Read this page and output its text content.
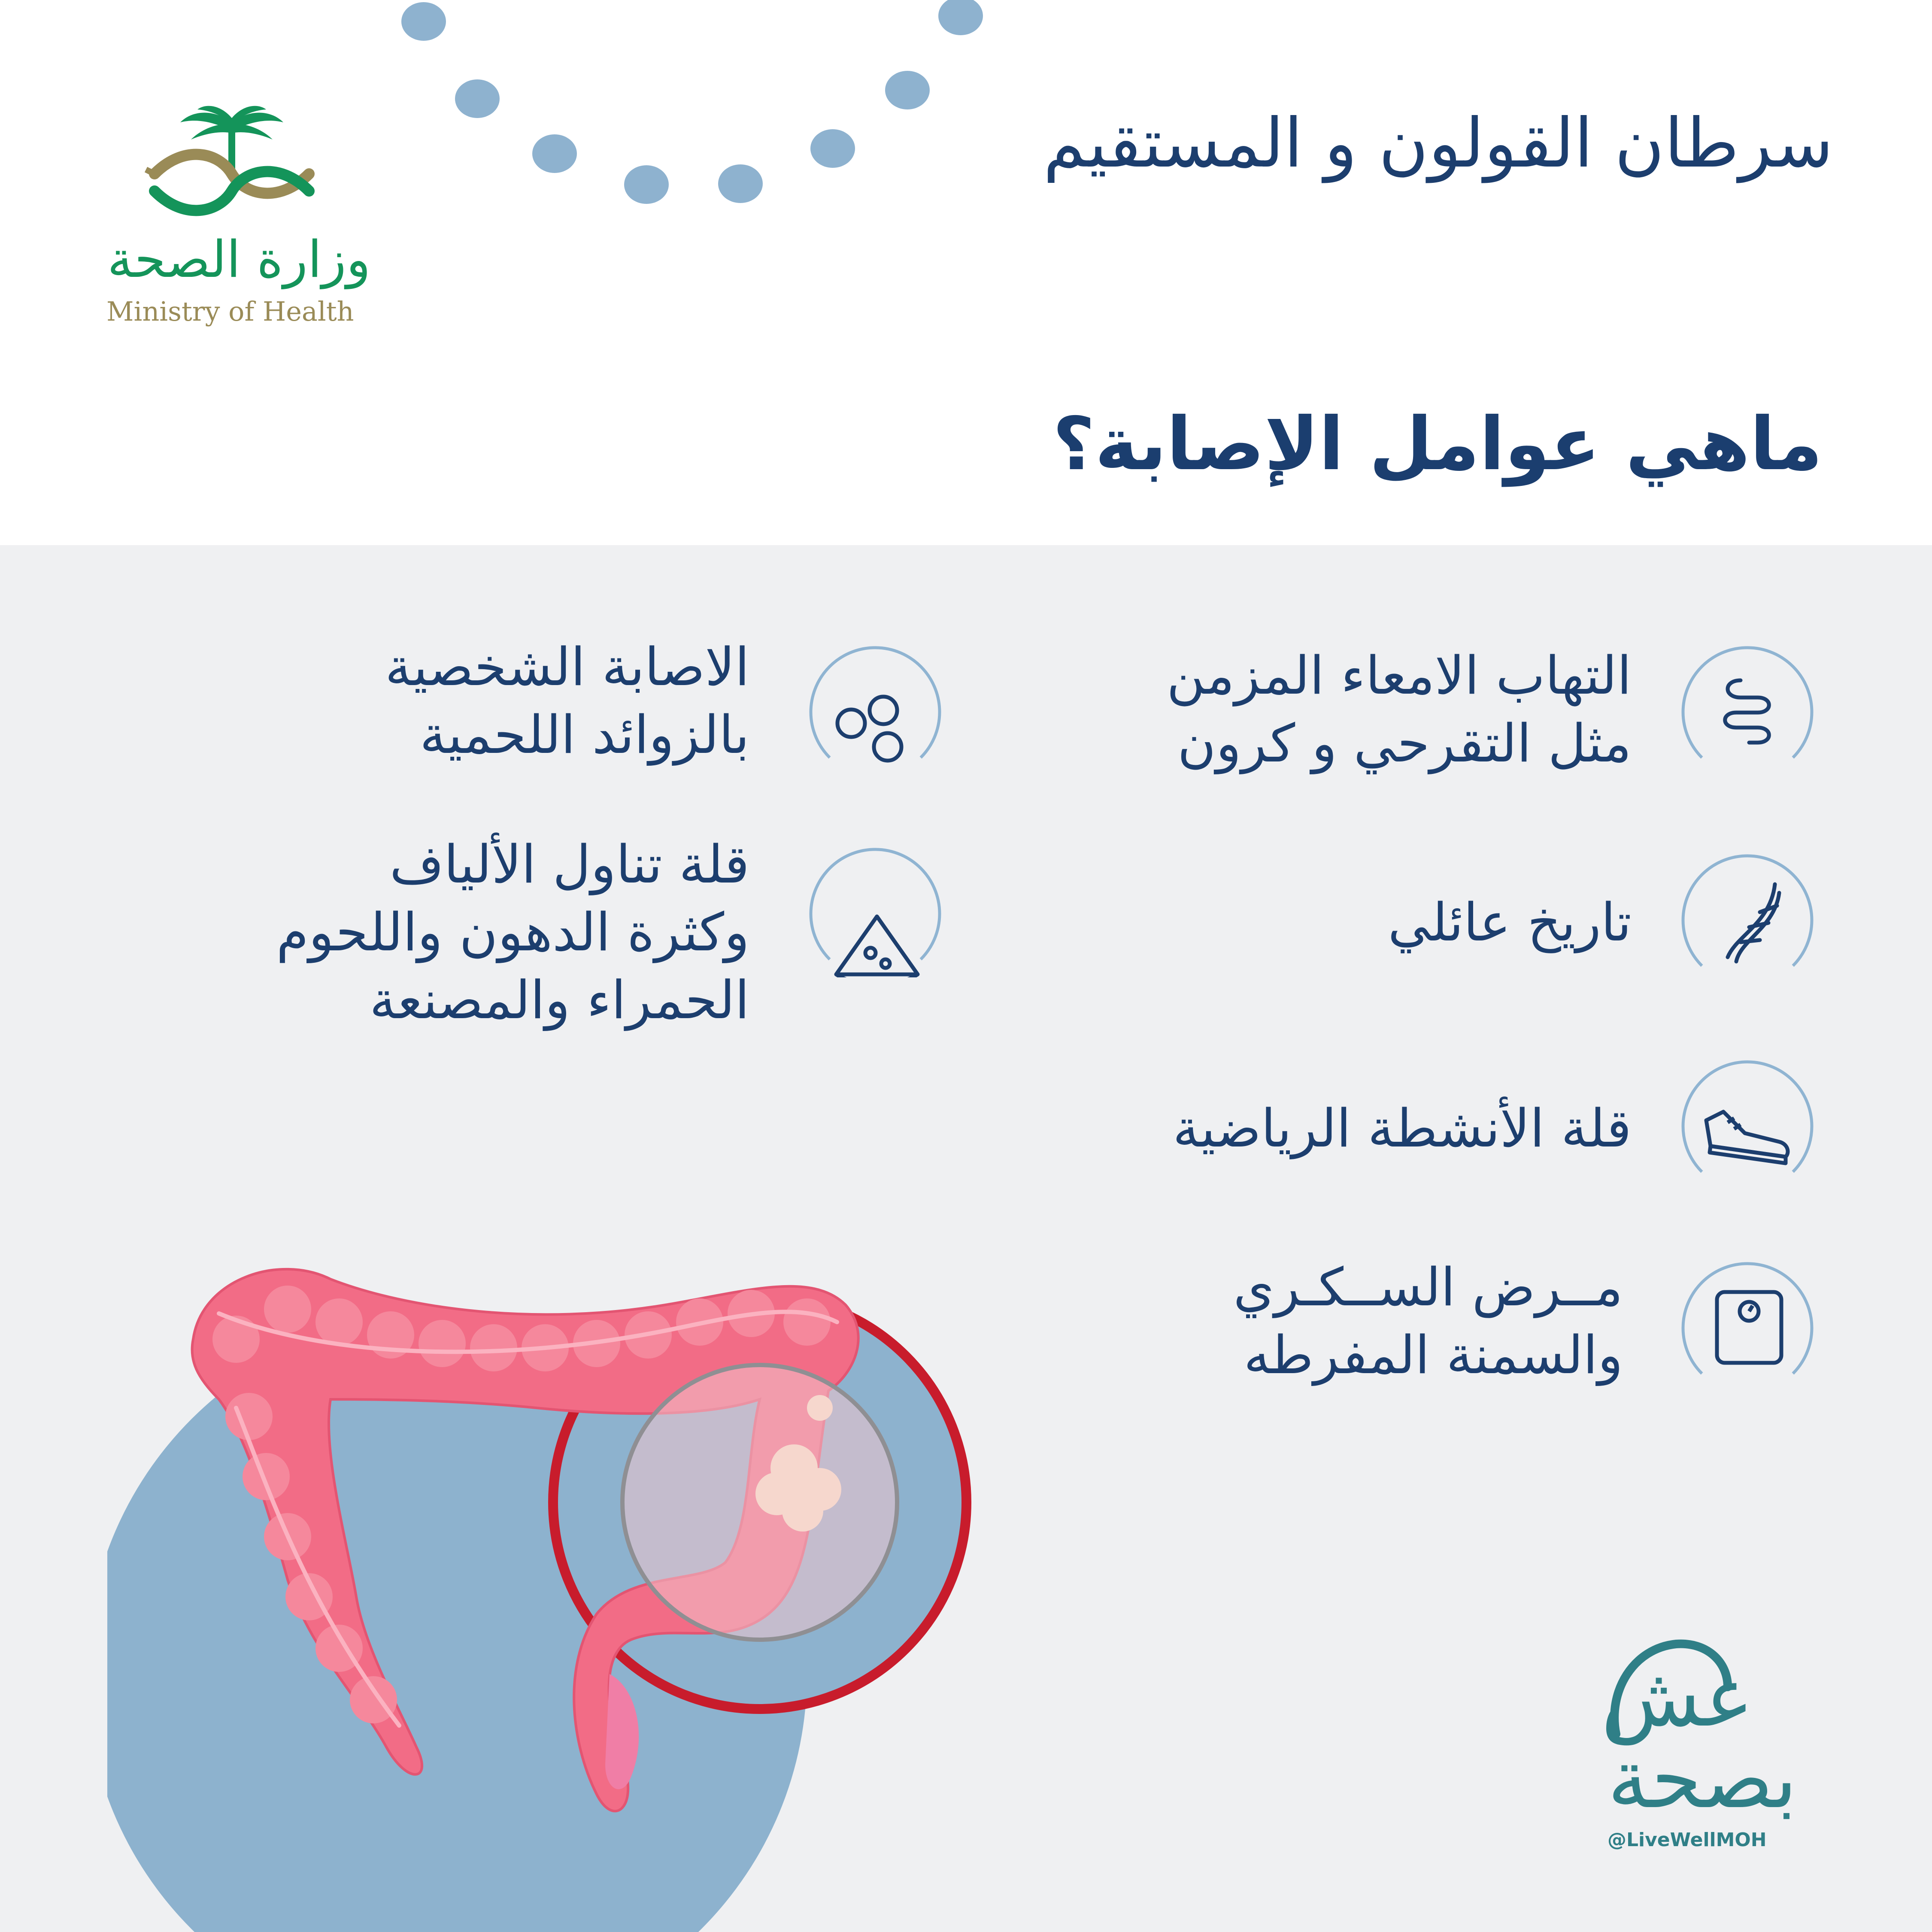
وزارة الصحة
Ministry of Health
سرطان القولون و المستقيم
ماهي عوامل الإصابة؟
التهاب الامعاء المزمن
مثل التقرحي و كرون
تاريخ عائلي
قلة الأنشطة الرياضية
مــرض الســكـري
والسمنة المفرطه
الاصابة الشخصية
بالزوائد اللحمية
قلة تناول الألياف
وكثرة الدهون واللحوم
الحمراء والمصنعة
عش
بصحة
@LiveWellMOH
